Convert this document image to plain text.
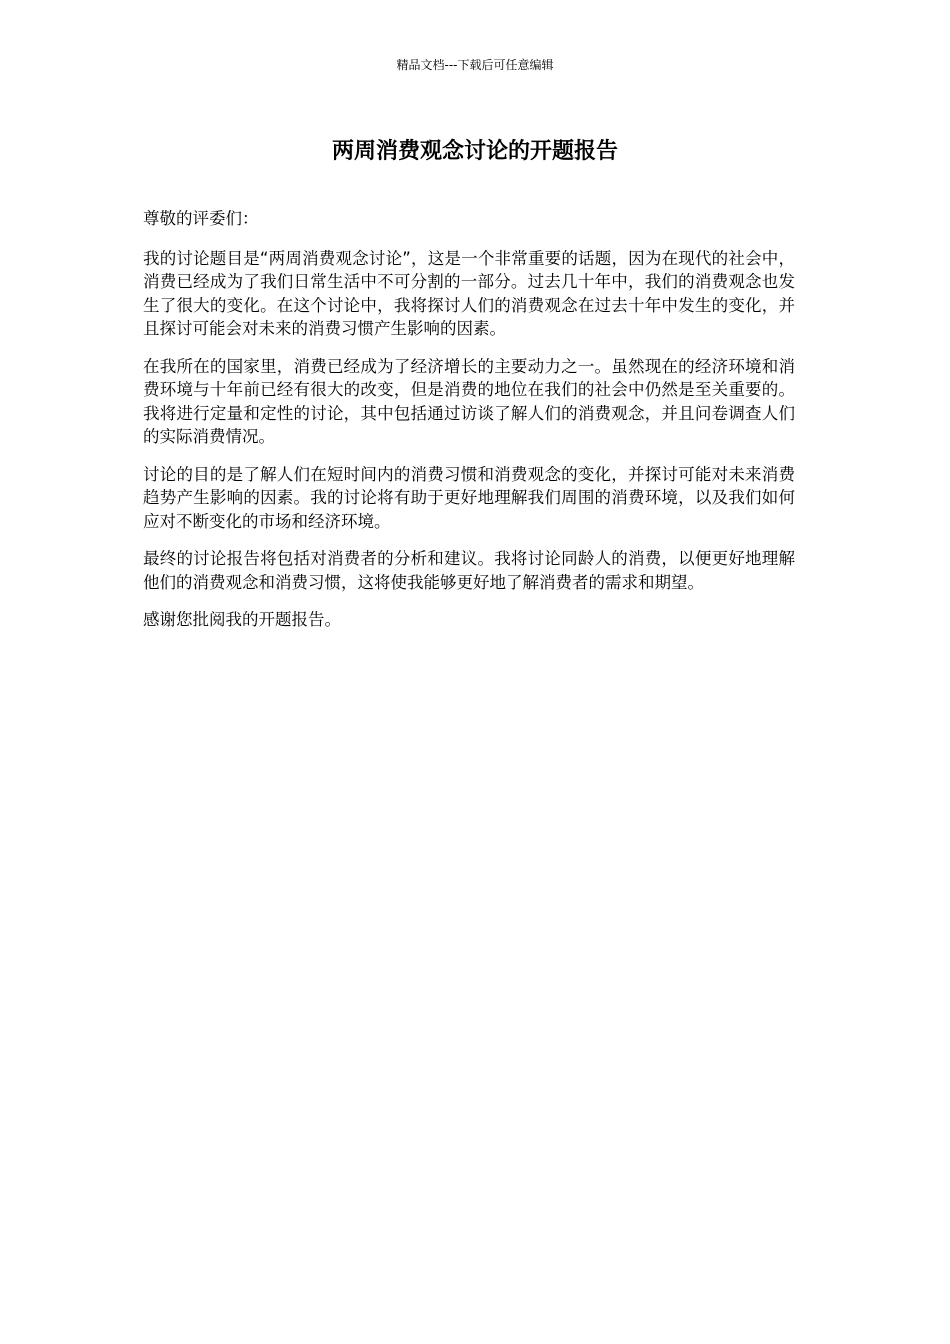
精品文档---下载后可任意编辑
两周消费观念讨论的开题报告

尊敬的评委们：

我的讨论题目是“两周消费观念讨论”，这是一个非常重要的话题，因为在现代的社会中，消费已经成为了我们日常生活中不可分割的一部分。过去几十年中，我们的消费观念也发生了很大的变化。在这个讨论中，我将探讨人们的消费观念在过去十年中发生的变化，并且探讨可能会对未来的消费习惯产生影响的因素。

在我所在的国家里，消费已经成为了经济增长的主要动力之一。虽然现在的经济环境和消费环境与十年前已经有很大的改变，但是消费的地位在我们的社会中仍然是至关重要的。我将进行定量和定性的讨论，其中包括通过访谈了解人们的消费观念，并且问卷调查人们的实际消费情况。

讨论的目的是了解人们在短时间内的消费习惯和消费观念的变化，并探讨可能对未来消费趋势产生影响的因素。我的讨论将有助于更好地理解我们周围的消费环境，以及我们如何应对不断变化的市场和经济环境。

最终的讨论报告将包括对消费者的分析和建议。我将讨论同龄人的消费，以便更好地理解他们的消费观念和消费习惯，这将使我能够更好地了解消费者的需求和期望。

感谢您批阅我的开题报告。
